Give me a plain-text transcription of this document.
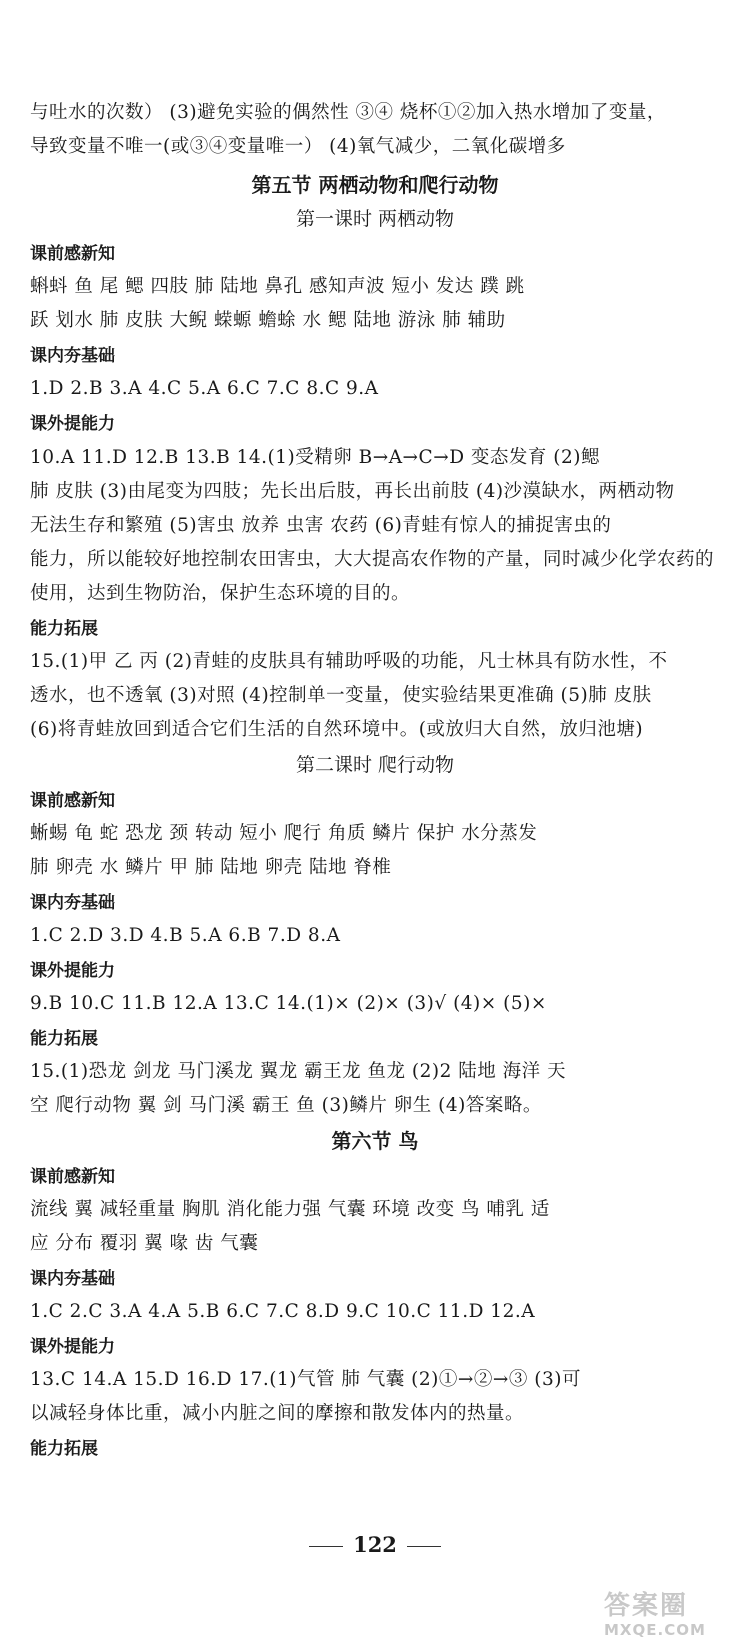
与吐水的次数） (3)避免实验的偶然性 ③④ 烧杯①②加入热水增加了变量，
导致变量不唯一(或③④变量唯一） (4)氧气减少，二氧化碳增多
第五节 两栖动物和爬行动物
第一课时 两栖动物
课前感新知
蝌蚪 鱼 尾 鳃 四肢 肺 陆地 鼻孔 感知声波 短小 发达 蹼 跳
跃 划水 肺 皮肤 大鲵 蝾螈 蟾蜍 水 鳃 陆地 游泳 肺 辅助
课内夯基础
1.D 2.B 3.A 4.C 5.A 6.C 7.C 8.C 9.A
课外提能力
10.A 11.D 12.B 13.B 14.(1)受精卵 B→A→C→D 变态发育 (2)鳃
肺 皮肤 (3)由尾变为四肢；先长出后肢，再长出前肢 (4)沙漠缺水，两栖动物
无法生存和繁殖 (5)害虫 放养 虫害 农药 (6)青蛙有惊人的捕捉害虫的
能力，所以能较好地控制农田害虫，大大提高农作物的产量，同时减少化学农药的
使用，达到生物防治，保护生态环境的目的。
能力拓展
15.(1)甲 乙 丙 (2)青蛙的皮肤具有辅助呼吸的功能，凡士林具有防水性，不
透水，也不透氧 (3)对照 (4)控制单一变量，使实验结果更准确 (5)肺 皮肤
(6)将青蛙放回到适合它们生活的自然环境中。(或放归大自然，放归池塘)
第二课时 爬行动物
课前感新知
蜥蜴 龟 蛇 恐龙 颈 转动 短小 爬行 角质 鳞片 保护 水分蒸发
肺 卵壳 水 鳞片 甲 肺 陆地 卵壳 陆地 脊椎
课内夯基础
1.C 2.D 3.D 4.B 5.A 6.B 7.D 8.A
课外提能力
9.B 10.C 11.B 12.A 13.C 14.(1)× (2)× (3)√ (4)× (5)×
能力拓展
15.(1)恐龙 剑龙 马门溪龙 翼龙 霸王龙 鱼龙 (2)2 陆地 海洋 天
空 爬行动物 翼 剑 马门溪 霸王 鱼 (3)鳞片 卵生 (4)答案略。
第六节 鸟
课前感新知
流线 翼 减轻重量 胸肌 消化能力强 气囊 环境 改变 鸟 哺乳 适
应 分布 覆羽 翼 喙 齿 气囊
课内夯基础
1.C 2.C 3.A 4.A 5.B 6.C 7.C 8.D 9.C 10.C 11.D 12.A
课外提能力
13.C 14.A 15.D 16.D 17.(1)气管 肺 气囊 (2)①→②→③ (3)可
以减轻身体比重，减小内脏之间的摩擦和散发体内的热量。
能力拓展
122
答案圈
MXQE.COM
